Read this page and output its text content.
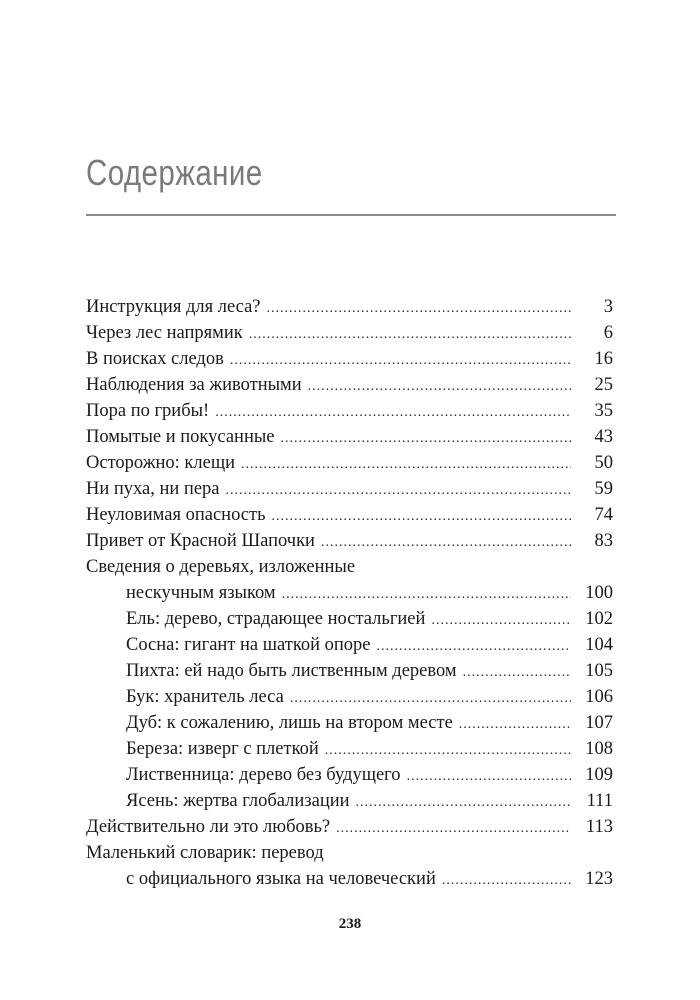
Содержание
Инструкция для леса? .....	3
Через лес напрямик .....	6
В поисках следов .....	16
Наблюдения за животными .....	25
Пора по грибы! .....	35
Помытые и покусанные .....	43
Осторожно: клещи .....	50
Ни пуха, ни пера .....	59
Неуловимая опасность .....	74
Привет от Красной Шапочки .....	83
Сведения о деревьях, изложенные
нескучным языком .....	100
Ель: дерево, страдающее ностальгией .....	102
Сосна: гигант на шаткой опоре .....	104
Пихта: ей надо быть лиственным деревом .....	105
Бук: хранитель леса .....	106
Дуб: к сожалению, лишь на втором месте .....	107
Береза: изверг с плеткой .....	108
Лиственница: дерево без будущего .....	109
Ясень: жертва глобализации .....	111
Действительно ли это любовь? .....	113
Маленький словарик: перевод
с официального языка на человеческий .....	123
238
